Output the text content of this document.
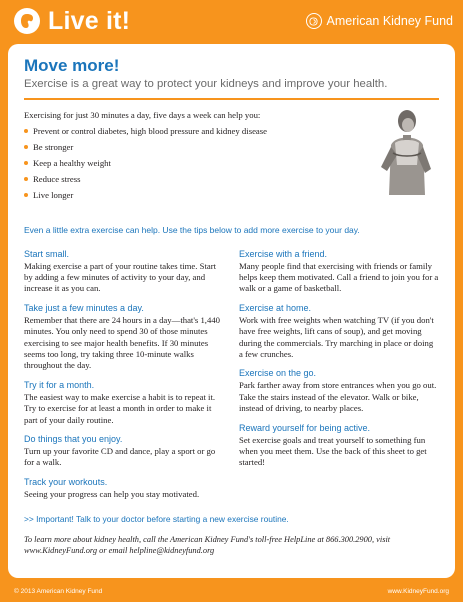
Live it!	American Kidney Fund
Move more!
Exercise is a great way to protect your kidneys and improve your health.
Exercising for just 30 minutes a day, five days a week can help you:
Prevent or control diabetes, high blood pressure and kidney disease
Be stronger
Keep a healthy weight
Reduce stress
Live longer
Even a little extra exercise can help. Use the tips below to add more exercise to your day.
Start small.
Making exercise a part of your routine takes time. Start by adding a few minutes of activity to your day, and increase it as you can.
Take just a few minutes a day.
Remember that there are 24 hours in a day—that's 1,440 minutes. You only need to spend 30 of those minutes exercising to see major health benefits. If 30 minutes seems too long, try taking three 10-minute walks throughout the day.
Try it for a month.
The easiest way to make exercise a habit is to repeat it. Try to exercise for at least a month in order to make it part of your daily routine.
Do things that you enjoy.
Turn up your favorite CD and dance, play a sport or go for a walk.
Track your workouts.
Seeing your progress can help you stay motivated.
Exercise with a friend.
Many people find that exercising with friends or family helps keep them motivated. Call a friend to join you for a walk or a game of basketball.
Exercise at home.
Work with free weights when watching TV (if you don't have free weights, lift cans of soup), and get moving during the commercials. Try marching in place or doing a few crunches.
Exercise on the go.
Park farther away from store entrances when you go out. Take the stairs instead of the elevator. Walk or bike, instead of driving, to nearby places.
Reward yourself for being active.
Set exercise goals and treat yourself to something fun when you meet them. Use the back of this sheet to get started!
>> Important! Talk to your doctor before starting a new exercise routine.
To learn more about kidney health, call the American Kidney Fund's toll-free HelpLine at 866.300.2900, visit www.KidneyFund.org or email helpline@kidneyfund.org
© 2013 American Kidney Fund	www.KidneyFund.org
